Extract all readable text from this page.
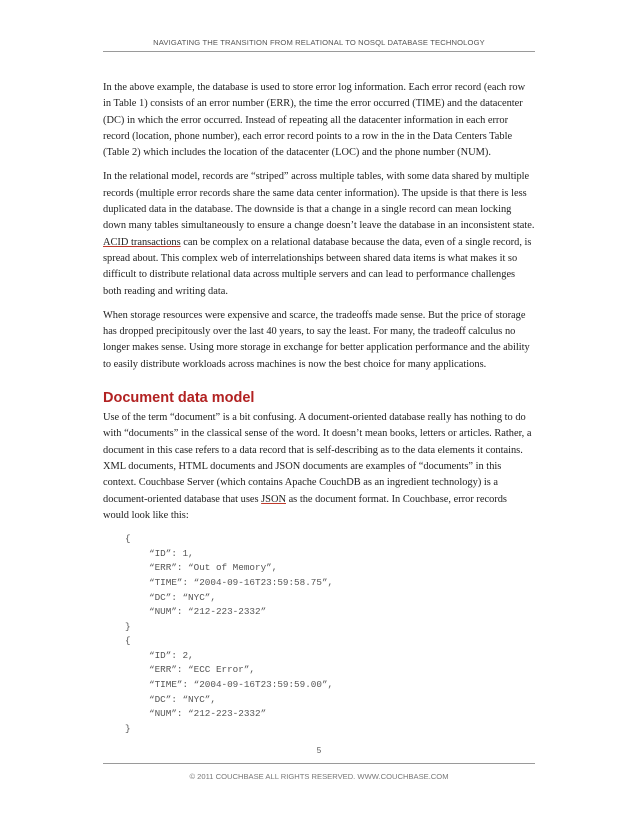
NAVIGATING THE TRANSITION FROM RELATIONAL TO NOSQL DATABASE TECHNOLOGY

In the above example, the database is used to store error log information. Each error record (each row in Table 1) consists of an error number (ERR), the time the error occurred (TIME) and the datacenter (DC) in which the error occurred. Instead of repeating all the datacenter information in each error record (location, phone number), each error record points to a row in the in the Data Centers Table (Table 2) which includes the location of the datacenter (LOC) and the phone number (NUM).

In the relational model, records are “striped” across multiple tables, with some data shared by multiple records (multiple error records share the same data center information). The upside is that there is less duplicated data in the database. The downside is that a change in a single record can mean locking down many tables simultaneously to ensure a change doesn’t leave the database in an inconsistent state. ACID transactions can be complex on a relational database because the data, even of a single record, is spread about. This complex web of interrelationships between shared data items is what makes it so difficult to distribute relational data across multiple servers and can lead to performance challenges both reading and writing data.

When storage resources were expensive and scarce, the tradeoffs made sense. But the price of storage has dropped precipitously over the last 40 years, to say the least. For many, the tradeoff calculus no longer makes sense. Using more storage in exchange for better application performance and the ability to easily distribute workloads across machines is now the best choice for many applications.

Document data model

Use of the term “document” is a bit confusing. A document-oriented database really has nothing to do with “documents” in the classical sense of the word. It doesn’t mean books, letters or articles. Rather, a document in this case refers to a data record that is self-describing as to the data elements it contains. XML documents, HTML documents and JSON documents are examples of “documents” in this context. Couchbase Server (which contains Apache CouchDB as an ingredient technology) is a document-oriented database that uses JSON as the document format. In Couchbase, error records would look like this:

{
“ID”: 1,
“ERR”: “Out of Memory”,
“TIME”: “2004-09-16T23:59:58.75”,
“DC”: “NYC”,
“NUM”: “212-223-2332”
}
{
“ID”: 2,
“ERR”: “ECC Error”,
“TIME”: “2004-09-16T23:59:59.00”,
“DC”: “NYC”,
“NUM”: “212-223-2332”
}
5
© 2011 COUCHBASE ALL RIGHTS RESERVED. WWW.COUCHBASE.COM
